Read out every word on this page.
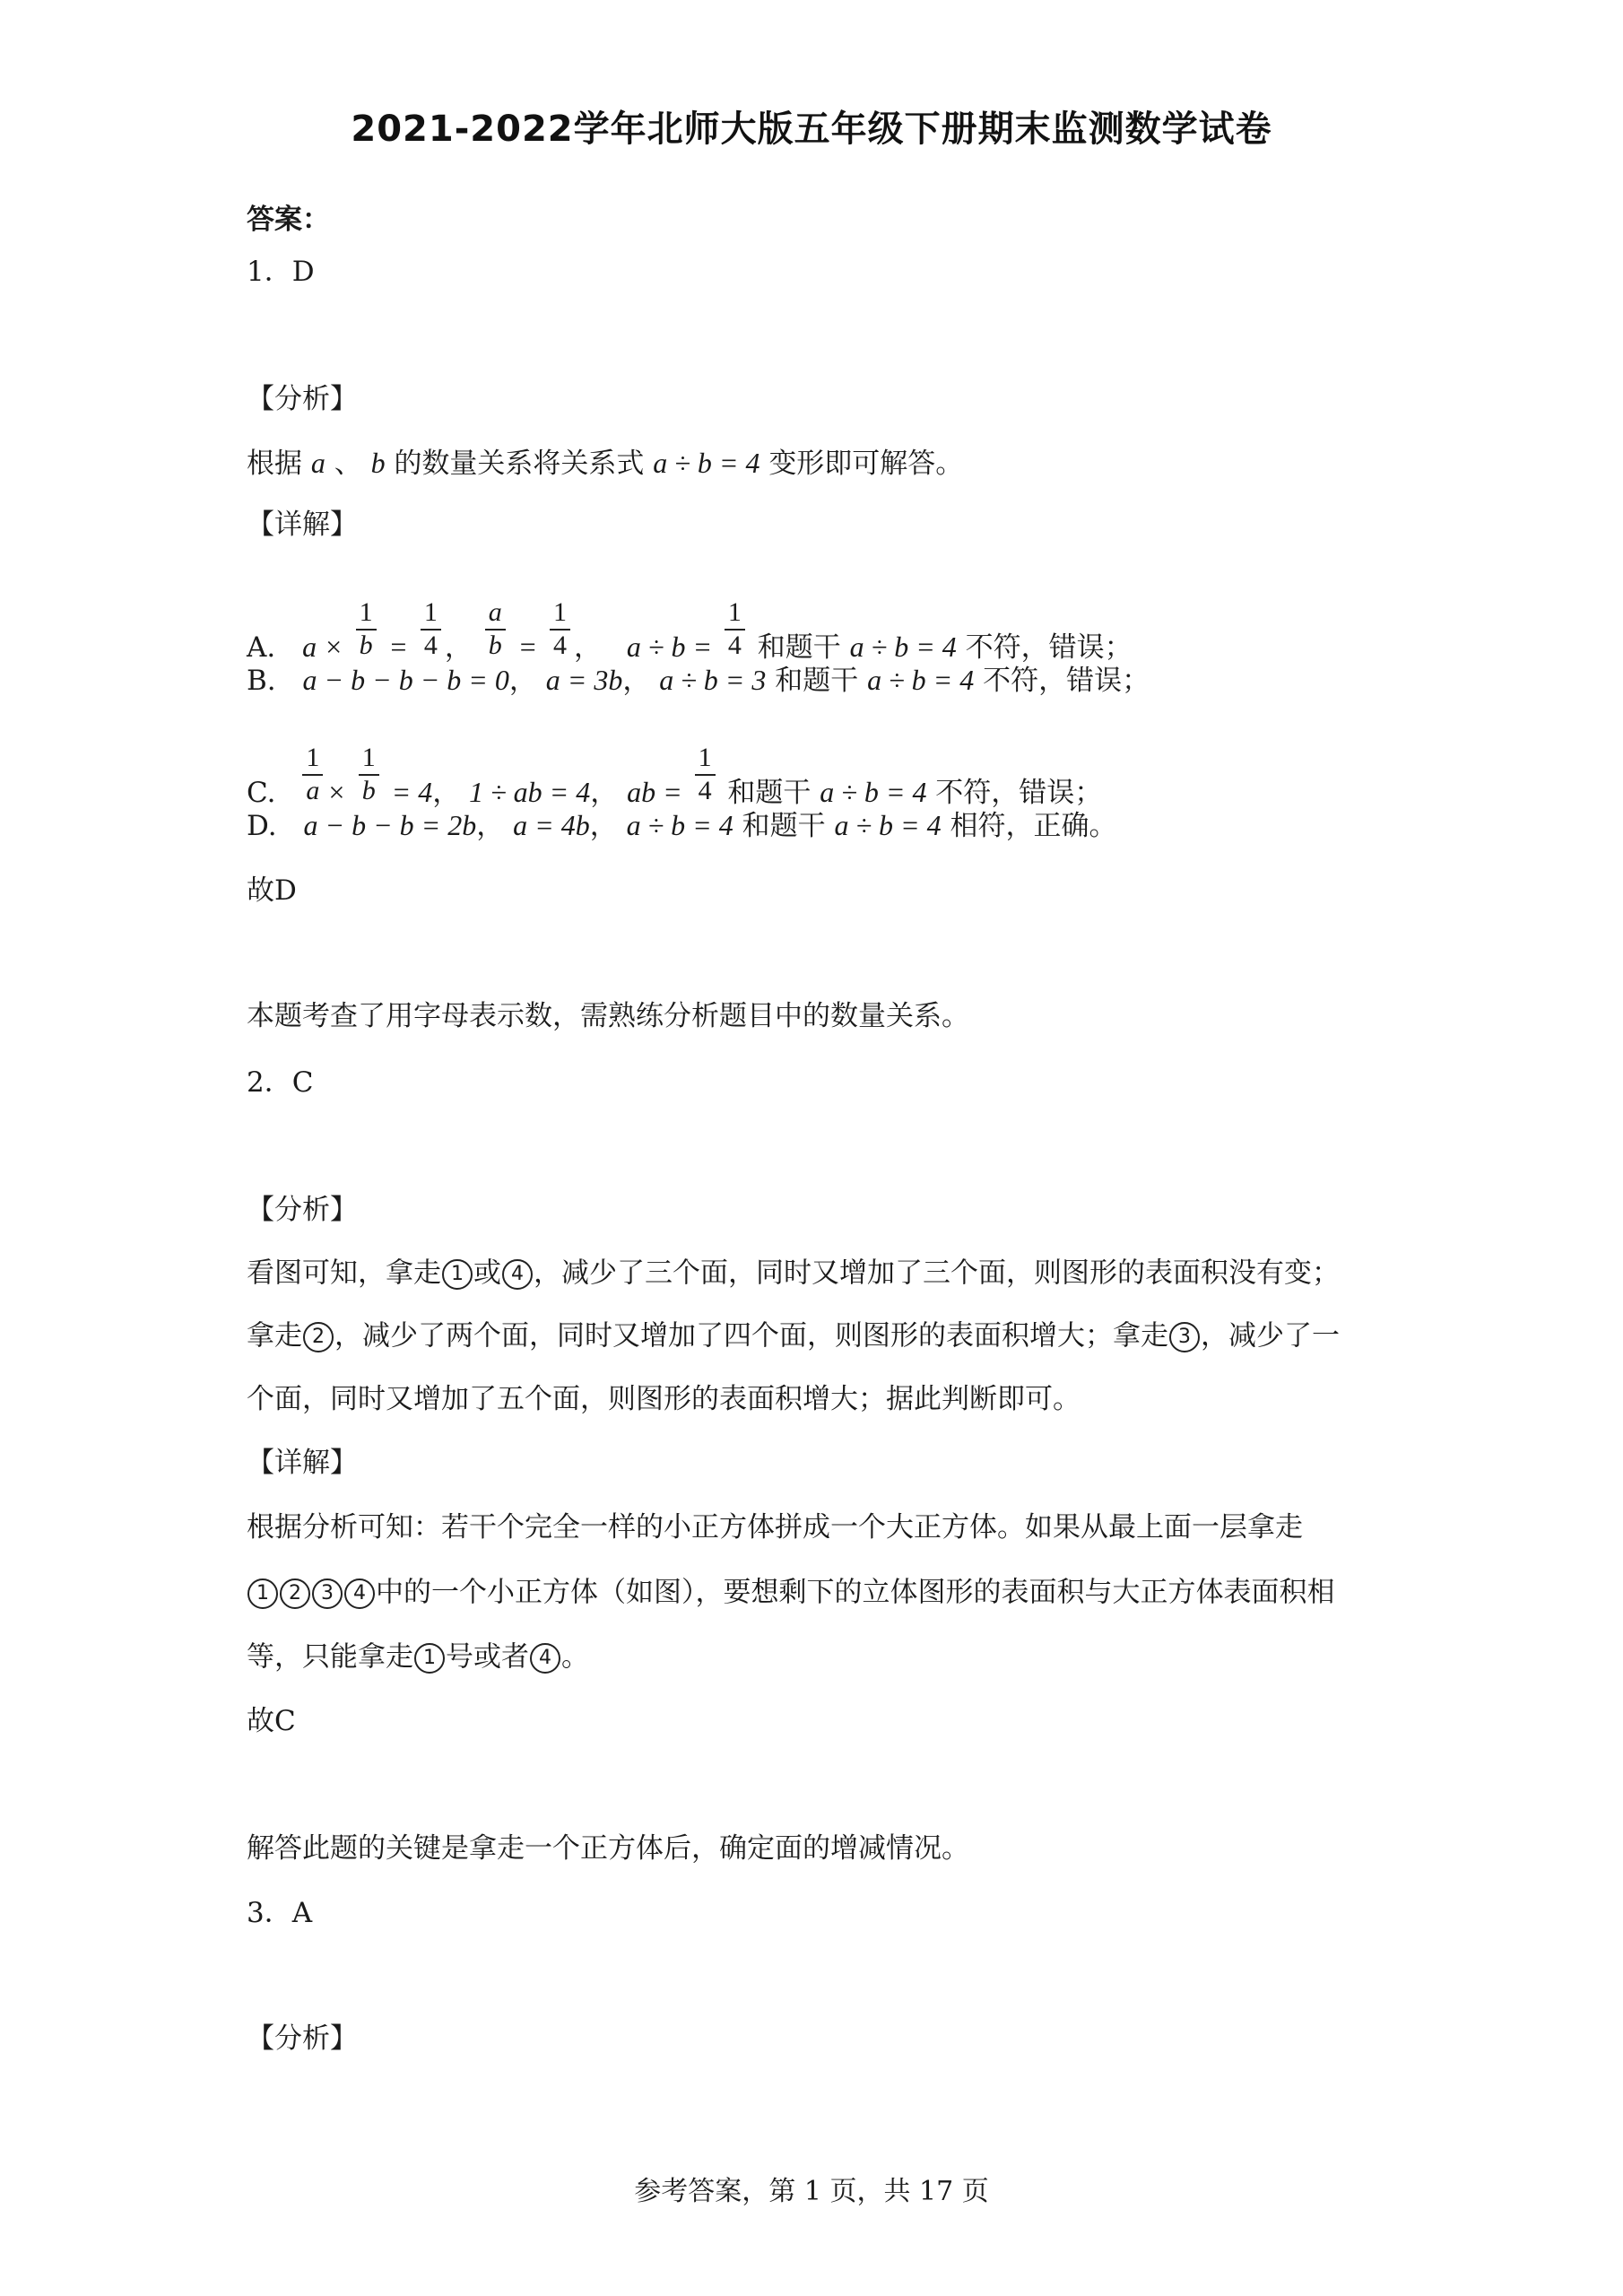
2021-2022学年北师大版五年级下册期末监测数学试卷
答案：
1．D
【分析】
根据 a 、 b 的数量关系将关系式 a ÷ b = 4 变形即可解答。
【详解】
A. $a \times \frac{1}{b} = \frac{1}{4}$ ， $\frac{a}{b} = \frac{1}{4}$ ， $a \div b = \frac{1}{4}$ 和题干 a ÷ b = 4 不符，错误；
B. a − b − b − b = 0， a = 3b， a ÷ b = 3 和题干 a ÷ b = 4 不符，错误；
C. $\frac{1}{a} \times \frac{1}{b} = 4$， 1 ÷ ab = 4， ab = $\frac{1}{4}$ 和题干 a ÷ b = 4 不符，错误；
D. a − b − b = 2b， a = 4b， a ÷ b = 4 和题干 a ÷ b = 4 相符，正确。
故D
本题考查了用字母表示数，需熟练分析题目中的数量关系。
2．C
【分析】
看图可知，拿走 1 或 4 ，减少了三个面，同时又增加了三个面，则图形的表面积没有变；
拿走 2 ，减少了两个面，同时又增加了四个面，则图形的表面积增大；拿走 3 ，减少了一
个面，同时又增加了五个面，则图形的表面积增大；据此判断即可。
【详解】
根据分析可知：若干个完全一样的小正方体拼成一个大正方体。如果从最上面一层拿走
1 2 3 4 中的一个小正方体（如图），要想剩下的立体图形的表面积与大正方体表面积相
等，只能拿走 1 号或者 4 。
故C
解答此题的关键是拿走一个正方体后，确定面的增减情况。
3．A
【分析】
参考答案，第 1 页，共 17 页
